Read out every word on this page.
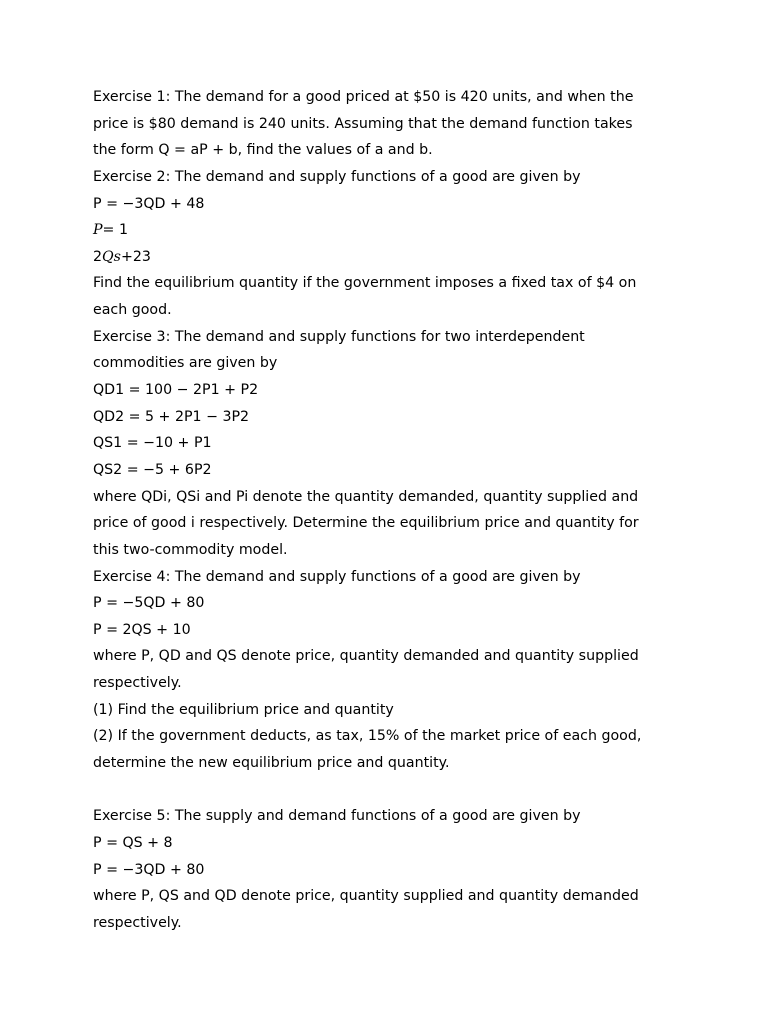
Exercise 1: The demand for a good priced at $50 is 420 units, and when the
price is $80 demand is 240 units. Assuming that the demand function takes
the form Q = aP + b, find the values of a and b.
Exercise 2: The demand and supply functions of a good are given by
P = −3QD + 48
P= 1
2Qs+23
Find the equilibrium quantity if the government imposes a fixed tax of $4 on
each good.
Exercise 3: The demand and supply functions for two interdependent
commodities are given by
QD1 = 100 − 2P1 + P2
QD2 = 5 + 2P1 − 3P2
QS1 = −10 + P1
QS2 = −5 + 6P2
where QDi, QSi and Pi denote the quantity demanded, quantity supplied and
price of good i respectively. Determine the equilibrium price and quantity for
this two-commodity model.
Exercise 4: The demand and supply functions of a good are given by
P = −5QD + 80
P = 2QS + 10
where P, QD and QS denote price, quantity demanded and quantity supplied
respectively.
(1) Find the equilibrium price and quantity
(2) If the government deducts, as tax, 15% of the market price of each good,
determine the new equilibrium price and quantity.
Exercise 5: The supply and demand functions of a good are given by
P = QS + 8
P = −3QD + 80
where P, QS and QD denote price, quantity supplied and quantity demanded
respectively.
